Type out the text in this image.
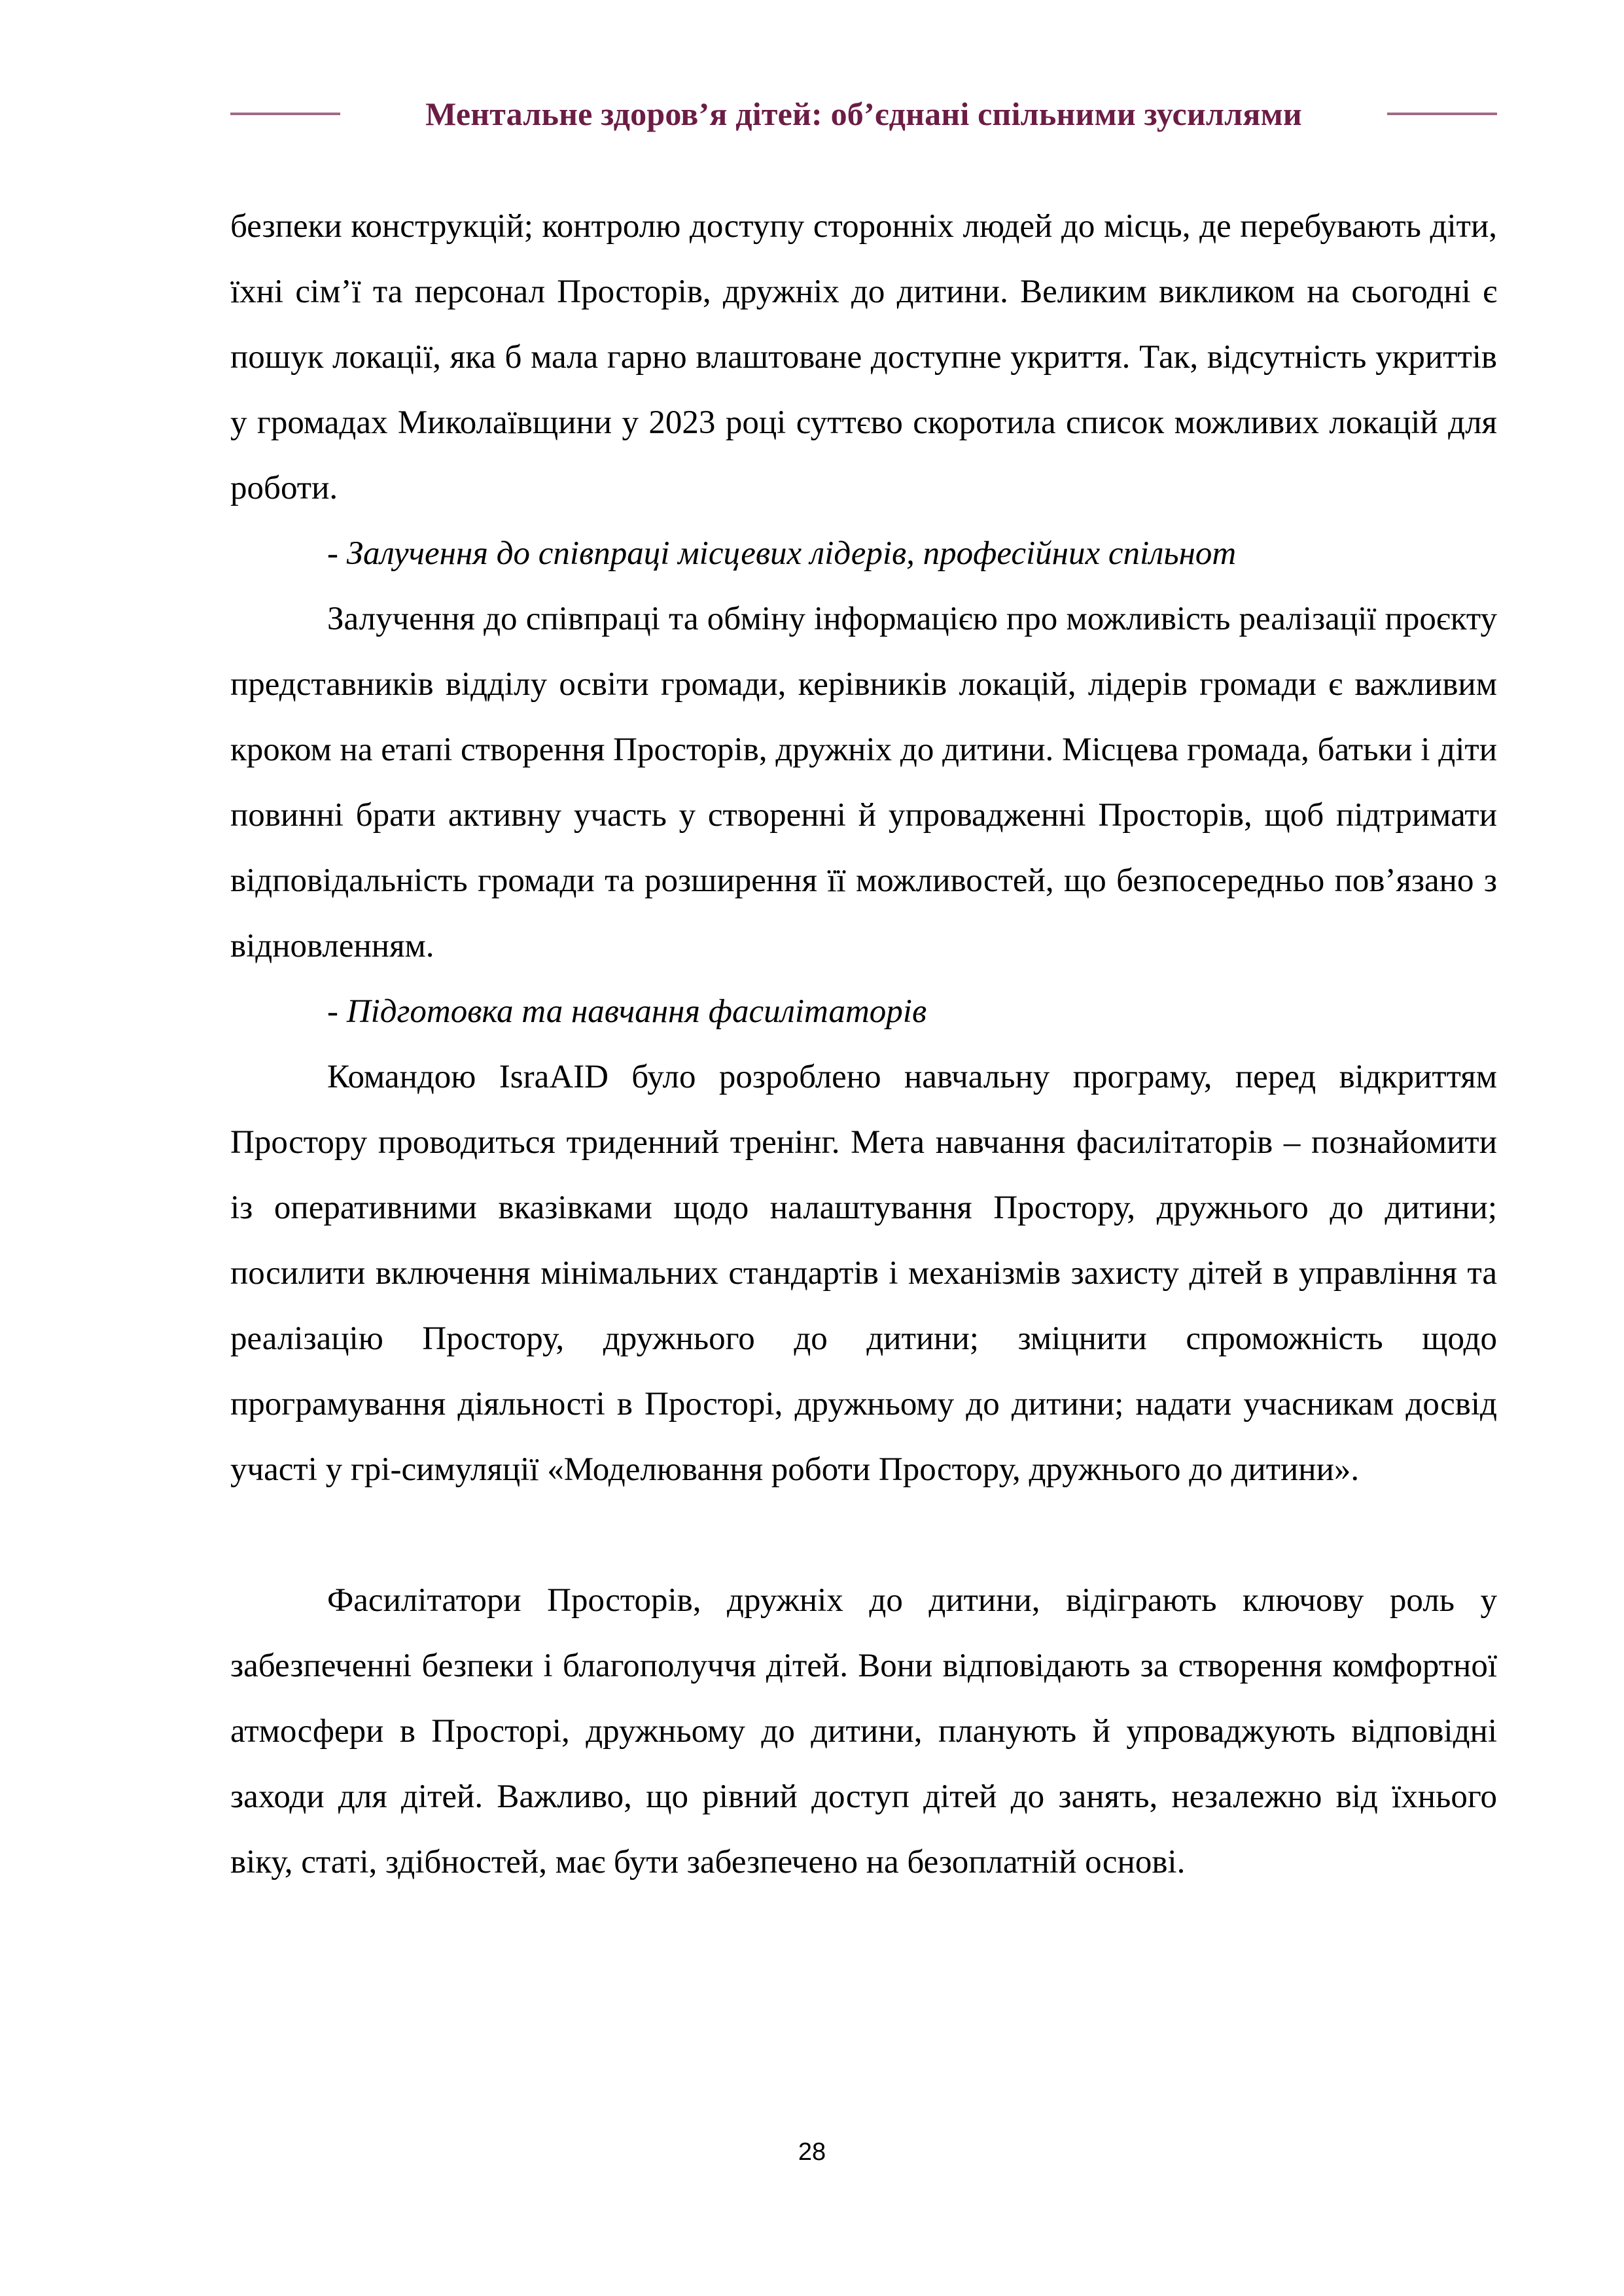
Ментальне здоров’я дітей: об’єднані спільними зусиллями

безпеки конструкцій; контролю доступу сторонніх людей до місць, де перебувають діти, їхні сім’ї та персонал Просторів, дружніх до дитини. Великим викликом на сьогодні є пошук локації, яка б мала гарно влаштоване доступне укриття. Так, відсутність укриттів у громадах Миколаївщини у 2023 році суттєво скоротила список можливих локацій для роботи.

- Залучення до співпраці місцевих лідерів, професійних спільнот

Залучення до співпраці та обміну інформацією про можливість реалізації проєкту представників відділу освіти громади, керівників локацій, лідерів громади є важливим кроком на етапі створення Просторів, дружніх до дитини. Місцева громада, батьки і діти повинні брати активну участь у створенні й упровадженні Просторів, щоб підтримати відповідальність громади та розширення її можливостей, що безпосередньо пов’язано з відновленням.

- Підготовка та навчання фасилітаторів

Командою IsraAID було розроблено навчальну програму, перед відкриттям Простору проводиться триденний тренінг. Мета навчання фасилітаторів – познайомити із оперативними вказівками щодо налаштування Простору, дружнього до дитини; посилити включення мінімальних стандартів і механізмів захисту дітей в управління та реалізацію Простору, дружнього до дитини; зміцнити спроможність щодо програмування діяльності в Просторі, дружньому до дитини; надати учасникам досвід участі у грі-симуляції «Моделювання роботи Простору, дружнього до дитини».

Фасилітатори Просторів, дружніх до дитини, відіграють ключову роль у забезпеченні безпеки і благополуччя дітей. Вони відповідають за створення комфортної атмосфери в Просторі, дружньому до дитини, планують й упроваджують відповідні заходи для дітей. Важливо, що рівний доступ дітей до занять, незалежно від їхнього віку, статі, здібностей, має бути забезпечено на безоплатній основі.

28
